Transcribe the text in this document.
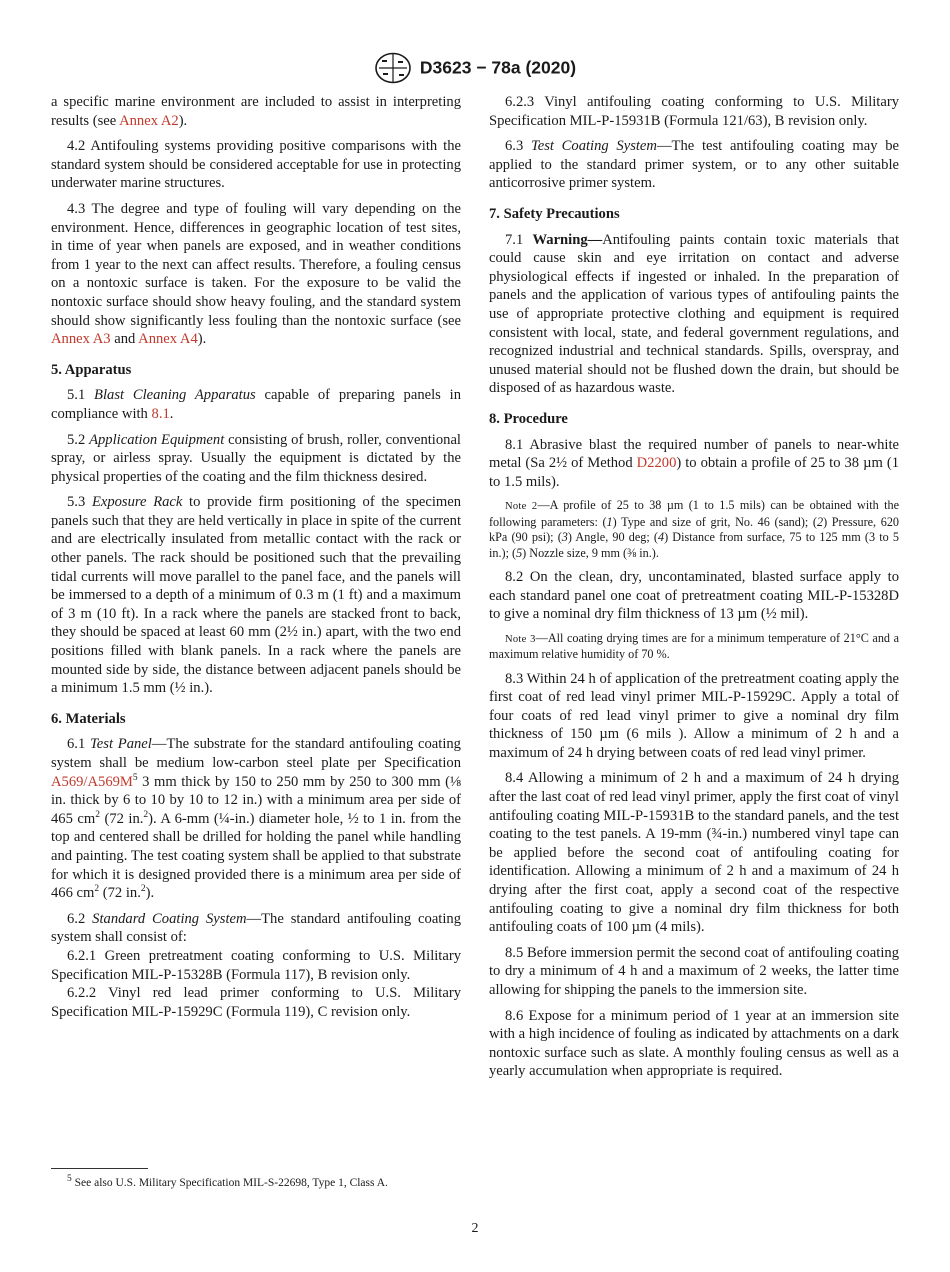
D3623 − 78a (2020)

a specific marine environment are included to assist in interpreting results (see Annex A2).

4.2 Antifouling systems providing positive comparisons with the standard system should be considered acceptable for use in protecting underwater marine structures.

4.3 The degree and type of fouling will vary depending on the environment. Hence, differences in geographic location of test sites, in time of year when panels are exposed, and in weather conditions from 1 year to the next can affect results. Therefore, a fouling census on a nontoxic surface is taken. For the exposure to be valid the nontoxic surface should show heavy fouling, and the standard system should show significantly less fouling than the nontoxic surface (see Annex A3 and Annex A4).

5. Apparatus

5.1 Blast Cleaning Apparatus capable of preparing panels in compliance with 8.1.

5.2 Application Equipment consisting of brush, roller, conventional spray, or airless spray. Usually the equipment is dictated by the physical properties of the coating and the film thickness desired.

5.3 Exposure Rack to provide firm positioning of the specimen panels such that they are held vertically in place in spite of the current and are electrically insulated from metallic contact with the rack or other panels. The rack should be positioned such that the prevailing tidal currents will move parallel to the panel face, and the panels will be immersed to a depth of a minimum of 0.3 m (1 ft) and a maximum of 3 m (10 ft). In a rack where the panels are stacked front to back, they should be spaced at least 60 mm (2½ in.) apart, with the two end positions filled with blank panels. In a rack where the panels are mounted side by side, the distance between adjacent panels should be a minimum 1.5 mm (½ in.).

6. Materials

6.1 Test Panel—The substrate for the standard antifouling coating system shall be medium low-carbon steel plate per Specification $A569/A569M^5$ 3 mm thick by 150 to 250 mm by 250 to 300 mm (⅛ in. thick by 6 to 10 by 10 to 12 in.) with a minimum area per side of 465 $cm^2$ (72 in.$^2$). A 6-mm (¼-in.) diameter hole, ½ to 1 in. from the top and centered shall be drilled for holding the panel while handling and painting. The test coating system shall be applied to that substrate for which it is designed provided there is a minimum area per side of 466 $cm^2$ (72 in.$^2$).

6.2 Standard Coating System—The standard antifouling coating system shall consist of:

6.2.1 Green pretreatment coating conforming to U.S. Military Specification MIL-P-15328B (Formula 117), B revision only.

6.2.2 Vinyl red lead primer conforming to U.S. Military Specification MIL-P-15929C (Formula 119), C revision only.

6.2.3 Vinyl antifouling coating conforming to U.S. Military Specification MIL-P-15931B (Formula 121/63), B revision only.

6.3 Test Coating System—The test antifouling coating may be applied to the standard primer system, or to any other suitable anticorrosive primer system.

7. Safety Precautions

7.1 Warning—Antifouling paints contain toxic materials that could cause skin and eye irritation on contact and adverse physiological effects if ingested or inhaled. In the preparation of panels and the application of various types of antifouling paints the use of appropriate protective clothing and equipment is required consistent with local, state, and federal government regulations, and recognized industrial and technical standards. Spills, overspray, and unused material should not be flushed down the drain, but should be disposed of as hazardous waste.

8. Procedure

8.1 Abrasive blast the required number of panels to near-white metal (Sa 2½ of Method D2200) to obtain a profile of 25 to 38 µm (1 to 1.5 mils).

Note 2—A profile of 25 to 38 µm (1 to 1.5 mils) can be obtained with the following parameters: (1) Type and size of grit, No. 46 (sand); (2) Pressure, 620 kPa (90 psi); (3) Angle, 90 deg; (4) Distance from surface, 75 to 125 mm (3 to 5 in.); (5) Nozzle size, 9 mm (⅜ in.).

8.2 On the clean, dry, uncontaminated, blasted surface apply to each standard panel one coat of pretreatment coating MIL-P-15328D to give a nominal dry film thickness of 13 µm (½ mil).

Note 3—All coating drying times are for a minimum temperature of 21°C and a maximum relative humidity of 70 %.

8.3 Within 24 h of application of the pretreatment coating apply the first coat of red lead vinyl primer MIL-P-15929C. Apply a total of four coats of red lead vinyl primer to give a nominal dry film thickness of 150 µm (6 mils ). Allow a minimum of 2 h and a maximum of 24 h drying between coats of red lead vinyl primer.

8.4 Allowing a minimum of 2 h and a maximum of 24 h drying after the last coat of red lead vinyl primer, apply the first coat of vinyl antifouling coating MIL-P-15931B to the standard panels, and the test coating to the test panels. A 19-mm (¾-in.) numbered vinyl tape can be applied before the second coat of antifouling coating for identification. Allowing a minimum of 2 h and a maximum of 24 h drying after the first coat, apply a second coat of the respective antifouling coating to give a nominal dry film thickness for both antifouling coats of 100 µm (4 mils).

8.5 Before immersion permit the second coat of antifouling coating to dry a minimum of 4 h and a maximum of 2 weeks, the latter time allowing for shipping the panels to the immersion site.

8.6 Expose for a minimum period of 1 year at an immersion site with a high incidence of fouling as indicated by attachments on a dark nontoxic surface such as slate. A monthly fouling census as well as a yearly accumulation when appropriate is required.

$^5$ See also U.S. Military Specification MIL-S-22698, Type 1, Class A.
2
